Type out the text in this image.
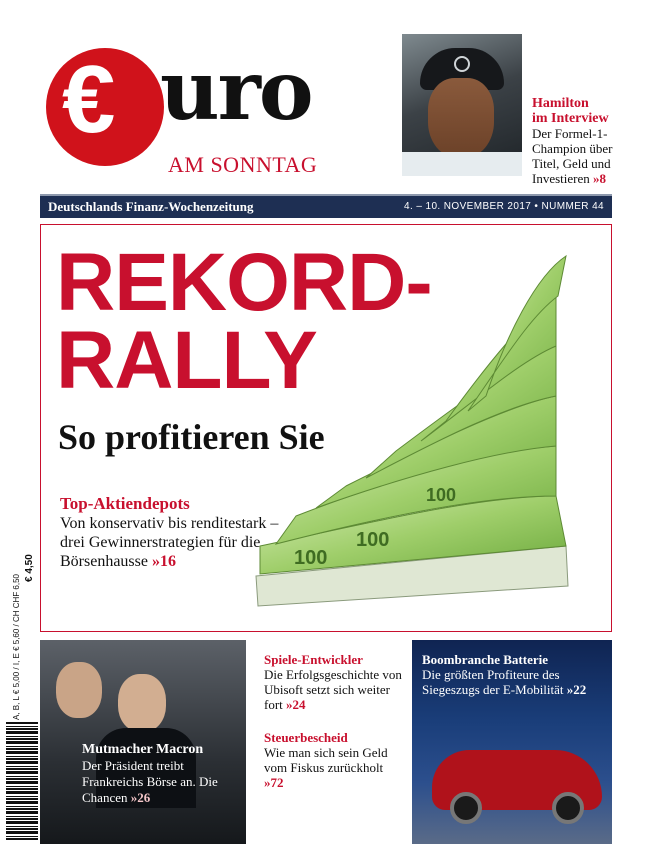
€ uro
AM SONNTAG
Hamilton
im Interview
Der Formel-1-Champion über Titel, Geld und Investieren »8
Deutschlands Finanz-Wochenzeitung	4. – 10. NOVEMBER 2017 • NUMMER 44
100
100
100
REKORD-
RALLY
So profitieren Sie
Top-Aktiendepots
Von konservativ bis renditestark – drei Gewinnerstrategien für die Börsenhausse »16
A, B, L € 5,00 / I, E € 5,60 / CH CHF 6,50
€ 4,50
Mutmacher Macron
Der Präsident treibt Frankreichs Börse an. Die Chancen »26
Spiele-Entwickler
Die Erfolgsgeschichte von Ubisoft setzt sich weiter fort »24
Steuerbescheid
Wie man sich sein Geld vom Fiskus zurückholt »72
Boombranche Batterie
Die größten Profiteure des Siegeszugs der E-Mobilität »22
